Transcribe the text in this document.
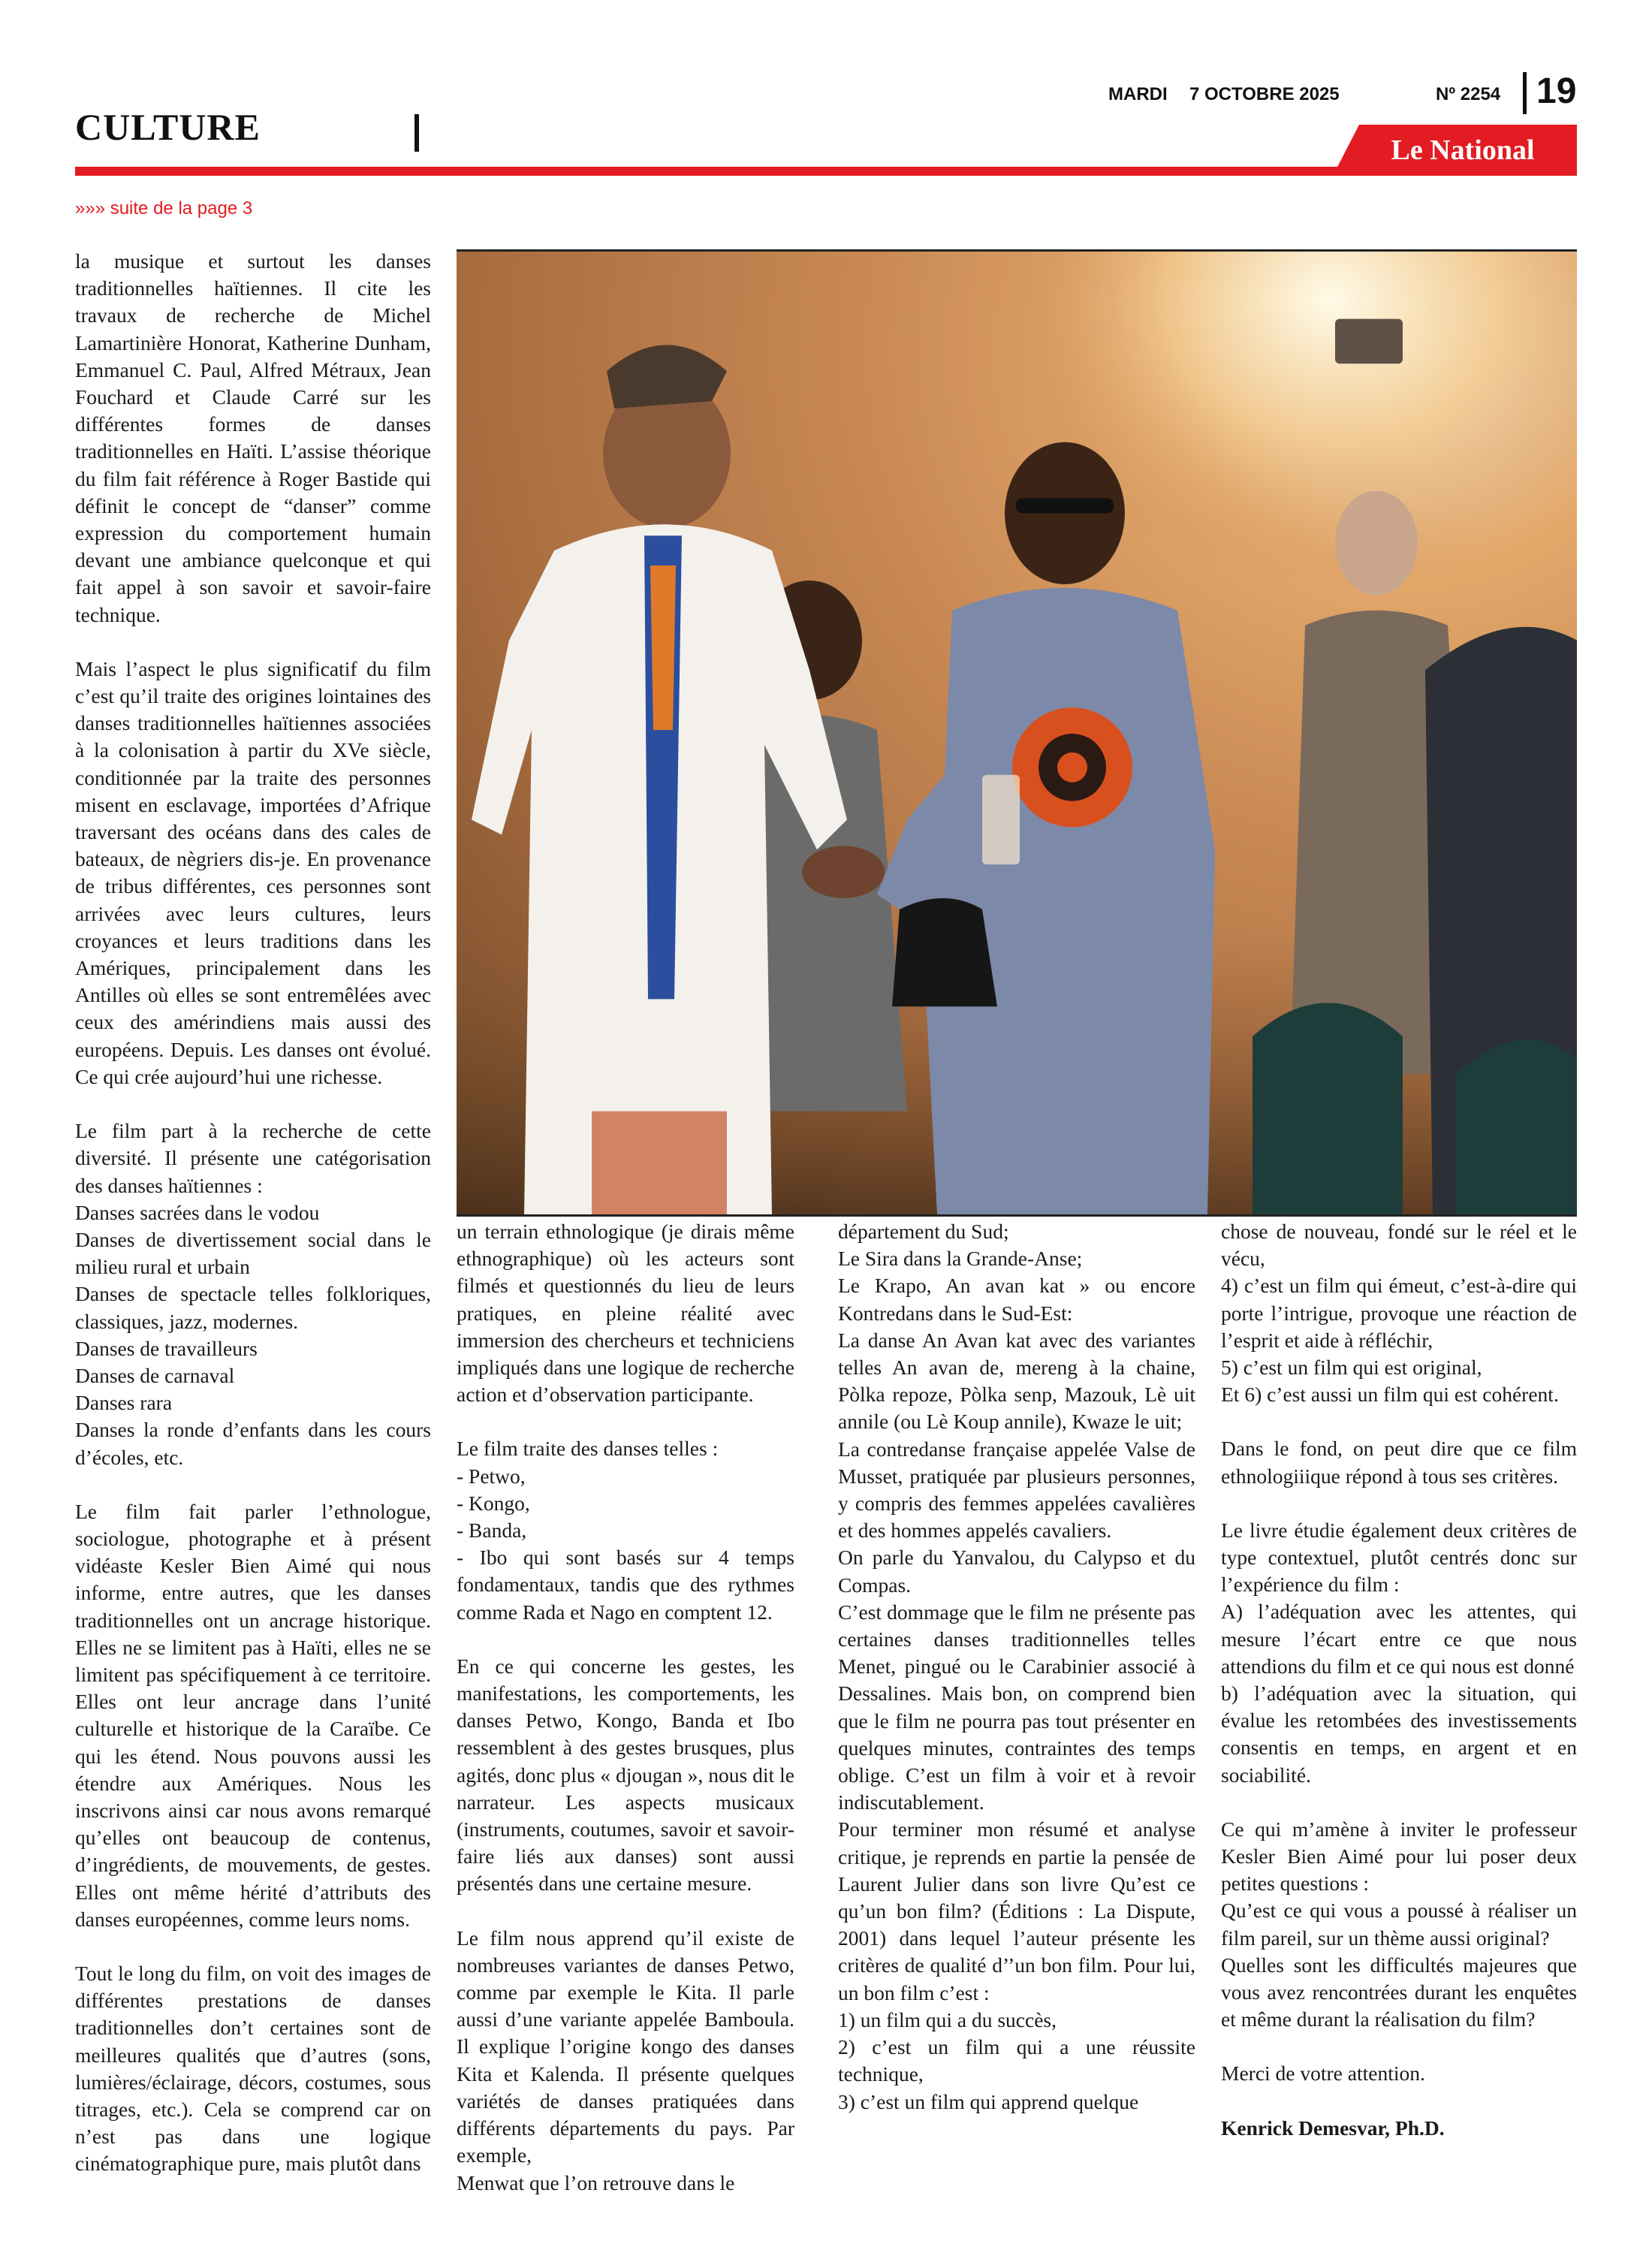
CULTURE
MARDI 7 OCTOBRE 2025	Nº 2254 19
Le National
»»» suite de la page 3

la musique et surtout les danses traditionnelles haïtiennes. Il cite les travaux de recherche de Michel Lamartinière Honorat, Katherine Dunham, Emmanuel C. Paul, Alfred Métraux, Jean Fouchard et Claude Carré sur les différentes formes de danses traditionnelles en Haïti. L’assise théorique du film fait référence à Roger Bastide qui définit le concept de “danser” comme expression du comportement humain devant une ambiance quelconque et qui fait appel à son savoir et savoir-faire technique.

Mais l’aspect le plus significatif du film c’est qu’il traite des origines lointaines des danses traditionnelles haïtiennes associées à la colonisation à partir du XVe siècle, conditionnée par la traite des personnes misent en esclavage, importées d’Afrique traversant des océans dans des cales de bateaux, de nègriers dis-je. En provenance de tribus différentes, ces personnes sont arrivées avec leurs cultures, leurs croyances et leurs traditions dans les Amériques, principalement dans les Antilles où elles se sont entremêlées avec ceux des amérindiens mais aussi des européens. Depuis. Les danses ont évolué. Ce qui crée aujourd’hui une richesse.

Le film part à la recherche de cette diversité. Il présente une catégorisation des danses haïtiennes :

Danses sacrées dans le vodou

Danses de divertissement social dans le milieu rural et urbain

Danses de spectacle telles folkloriques, classiques, jazz, modernes.

Danses de travailleurs

Danses de carnaval

Danses rara

Danses la ronde d’enfants dans les cours d’écoles, etc.

Le film fait parler l’ethnologue, sociologue, photographe et à présent vidéaste Kesler Bien Aimé qui nous informe, entre autres, que les danses traditionnelles ont un ancrage historique. Elles ne se limitent pas à Haïti, elles ne se limitent pas spécifiquement à ce territoire. Elles ont leur ancrage dans l’unité culturelle et historique de la Caraïbe. Ce qui les étend. Nous pouvons aussi les étendre aux Amériques. Nous les inscrivons ainsi car nous avons remarqué qu’elles ont beaucoup de contenus, d’ingrédients, de mouvements, de gestes. Elles ont même hérité d’attributs des danses européennes, comme leurs noms.

Tout le long du film, on voit des images de différentes prestations de danses traditionnelles don’t certaines sont de meilleures qualités que d’autres (sons, lumières/éclairage, décors, costumes, sous titrages, etc.). Cela se comprend car on n’est pas dans une logique cinématographique pure, mais plutôt dans

un terrain ethnologique (je dirais même ethnographique) où les acteurs sont filmés et questionnés du lieu de leurs pratiques, en pleine réalité avec immersion des chercheurs et techniciens impliqués dans une logique de recherche action et d’observation participante.

Le film traite des danses telles :

- Petwo,

- Kongo,

- Banda,

- Ibo qui sont basés sur 4 temps fondamentaux, tandis que des rythmes comme Rada et Nago en comptent 12.

En ce qui concerne les gestes, les manifestations, les comportements, les danses Petwo, Kongo, Banda et Ibo ressemblent à des gestes brusques, plus agités, donc plus « djougan », nous dit le narrateur. Les aspects musicaux (instruments, coutumes, savoir et savoir-faire liés aux danses) sont aussi présentés dans une certaine mesure.

Le film nous apprend qu’il existe de nombreuses variantes de danses Petwo, comme par exemple le Kita. Il parle aussi d’une variante appelée Bamboula. Il explique l’origine kongo des danses Kita et Kalenda. Il présente quelques variétés de danses pratiquées dans différents départements du pays. Par exemple,

Menwat que l’on retrouve dans le

département du Sud;

Le Sira dans la Grande-Anse;

Le Krapo, An avan kat » ou encore Kontredans dans le Sud-Est:

La danse An Avan kat avec des variantes telles An avan de, mereng à la chaine, Pòlka repoze, Pòlka senp, Mazouk, Lè uit annile (ou Lè Koup annile), Kwaze le uit;

La contredanse française appelée Valse de Musset, pratiquée par plusieurs personnes, y compris des femmes appelées cavalières et des hommes appelés cavaliers.

On parle du Yanvalou, du Calypso et du Compas.

C’est dommage que le film ne présente pas certaines danses traditionnelles telles Menet, pingué ou le Carabinier associé à Dessalines. Mais bon, on comprend bien que le film ne pourra pas tout présenter en quelques minutes, contraintes des temps oblige. C’est un film à voir et à revoir indiscutablement.

Pour terminer mon résumé et analyse critique, je reprends en partie la pensée de Laurent Julier dans son livre Qu’est ce qu’un bon film? (Éditions : La Dispute, 2001) dans lequel l’auteur présente les critères de qualité d’’un bon film. Pour lui, un bon film c’est :

1) un film qui a du succès,

2) c’est un film qui a une réussite technique,

3) c’est un film qui apprend quelque

chose de nouveau, fondé sur le réel et le vécu,

4) c’est un film qui émeut, c’est-à-dire qui porte l’intrigue, provoque une réaction de l’esprit et aide à réfléchir,

5) c’est un film qui est original,

Et 6) c’est aussi un film qui est cohérent.

Dans le fond, on peut dire que ce film ethnologiiique répond à tous ses critères.

Le livre étudie également deux critères de type contextuel, plutôt centrés donc sur l’expérience du film :

A) l’adéquation avec les attentes, qui mesure l’écart entre ce que nous attendions du film et ce qui nous est donné

b) l’adéquation avec la situation, qui évalue les retombées des investissements consentis en temps, en argent et en sociabilité.

Ce qui m’amène à inviter le professeur Kesler Bien Aimé pour lui poser deux petites questions :

Qu’est ce qui vous a poussé à réaliser un film pareil, sur un thème aussi original?

Quelles sont les difficultés majeures que vous avez rencontrées durant les enquêtes et même durant la réalisation du film?

Merci de votre attention.

Kenrick Demesvar, Ph.D.
